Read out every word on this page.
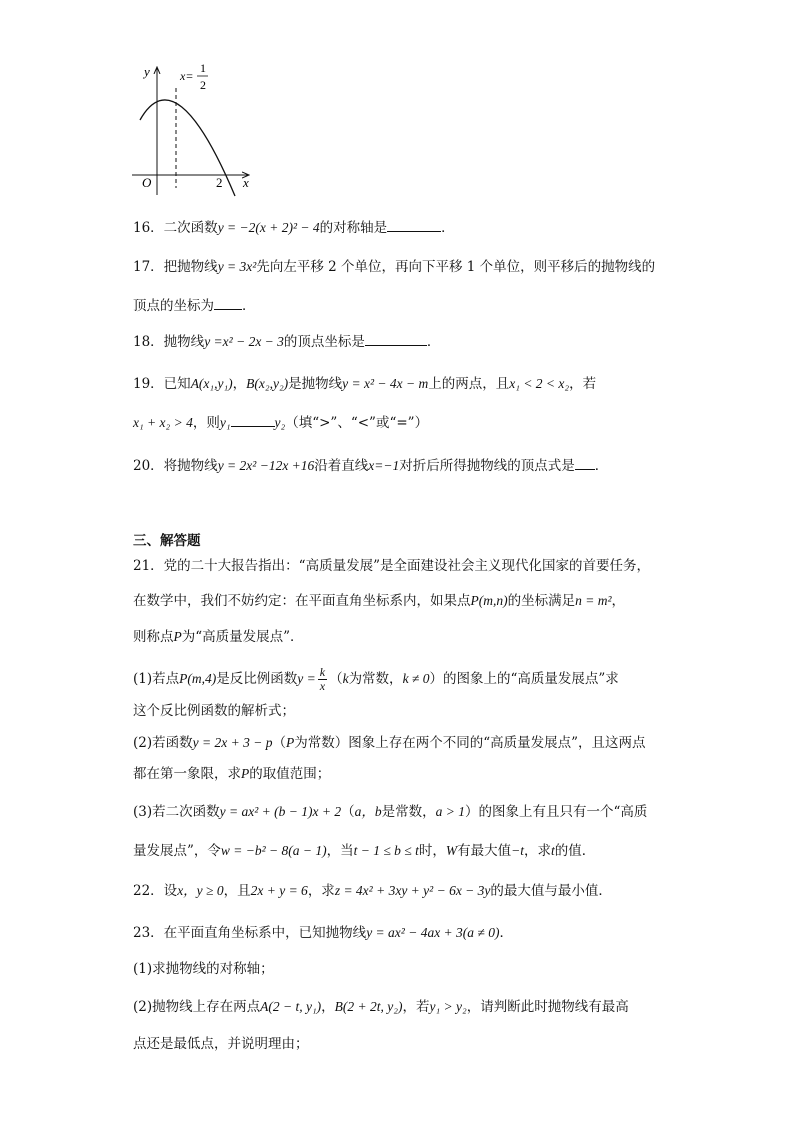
y
x
O	2
x=
1
2
16．二次函数y = −2(x + 2)² − 4的对称轴是	．
17．把抛物线y = 3x²先向左平移 2 个单位，再向下平移 1 个单位，则平移后的抛物线的
顶点的坐标为 ．
18．抛物线y =x² − 2x − 3的顶点坐标是	．
19．已知A(x₁,y₁)，B(x₂,y₂)是抛物线y = x² − 4x − m上的两点，且x₁ < 2 < x₂，若
x₁ + x₂ > 4，则y₁	y₂（填“>”、“<”或“=”）
20．将抛物线y = 2x² −12x +16沿着直线x=−1对折后所得抛物线的顶点式是 ．
三、解答题
21．党的二十大报告指出：“高质量发展”是全面建设社会主义现代化国家的首要任务，
在数学中，我们不妨约定：在平面直角坐标系内，如果点P(m,n)的坐标满足n = m²，
则称点P为“高质量发展点”．
(1)若点P(m,4)是反比例函数$y = \frac{k}{x} (k$为常数，k ≠ 0）的图象上的“高质量发展点”求
这个反比例函数的解析式；
(2)若函数y = 2x + 3 − p（P为常数）图象上存在两个不同的“高质量发展点”，且这两点
都在第一象限，求P的取值范围；
(3)若二次函数y = ax² + (b − 1)x + 2（a，b是常数，a > 1）的图象上有且只有一个“高质
量发展点”，令w = −b² − 8(a − 1)，当t − 1 ≤ b ≤ t时，W有最大值−t，求t的值．
22．设x，y ≥ 0，且2x + y = 6，求z = 4x² + 3xy + y² − 6x − 3y的最大值与最小值．
23．在平面直角坐标系中，已知抛物线y = ax² − 4ax + 3(a ≠ 0)．
(1)求抛物线的对称轴；
(2)抛物线上存在两点A(2 − t, y₁)，B(2 + 2t, y₂)，若y₁ > y₂，请判断此时抛物线有最高
点还是最低点，并说明理由；
